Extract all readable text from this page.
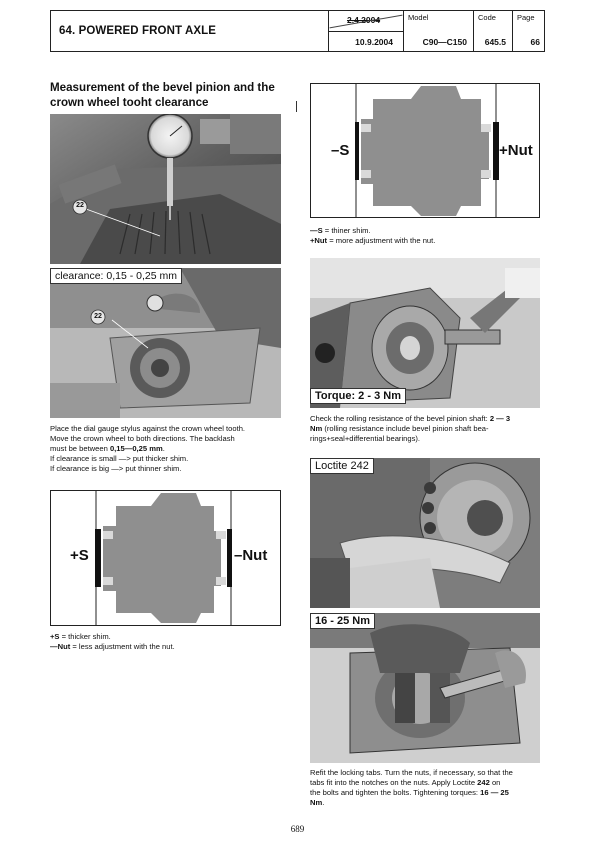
64. POWERED FRONT AXLE
2.4.2004
10.9.2004
Model
C90—C150
Code
645.5
Page
66
Measurement of the bevel pinion and the crown wheel tooht clearance
22
clearance: 0,15 - 0,25 mm
22
Place the dial gauge stylus against the crown wheel tooth.
Move the crown wheel to both directions. The backlash
must be between 0,15—0,25 mm.
If clearance is small —> put thicker shim.
If clearance is big —> put thinner shim.
+S	–Nut
+S = thicker shim.
—Nut = less adjustment with the nut.
–S	+Nut
—S = thiner shim.
+Nut = more adjustment with the nut.
Torque: 2 - 3 Nm
Check the rolling resistance of the bevel pinion shaft: 2 — 3
Nm (rolling resistance include bevel pinion shaft bea-
rings+seal+differential bearings).
Loctite 242
16 - 25 Nm
Refit the locking tabs. Turn the nuts, if necessary, so that the
tabs fit into the notches on the nuts. Apply Loctite 242 on
the bolts and tighten the bolts. Tightening torques: 16 — 25
Nm.
689
